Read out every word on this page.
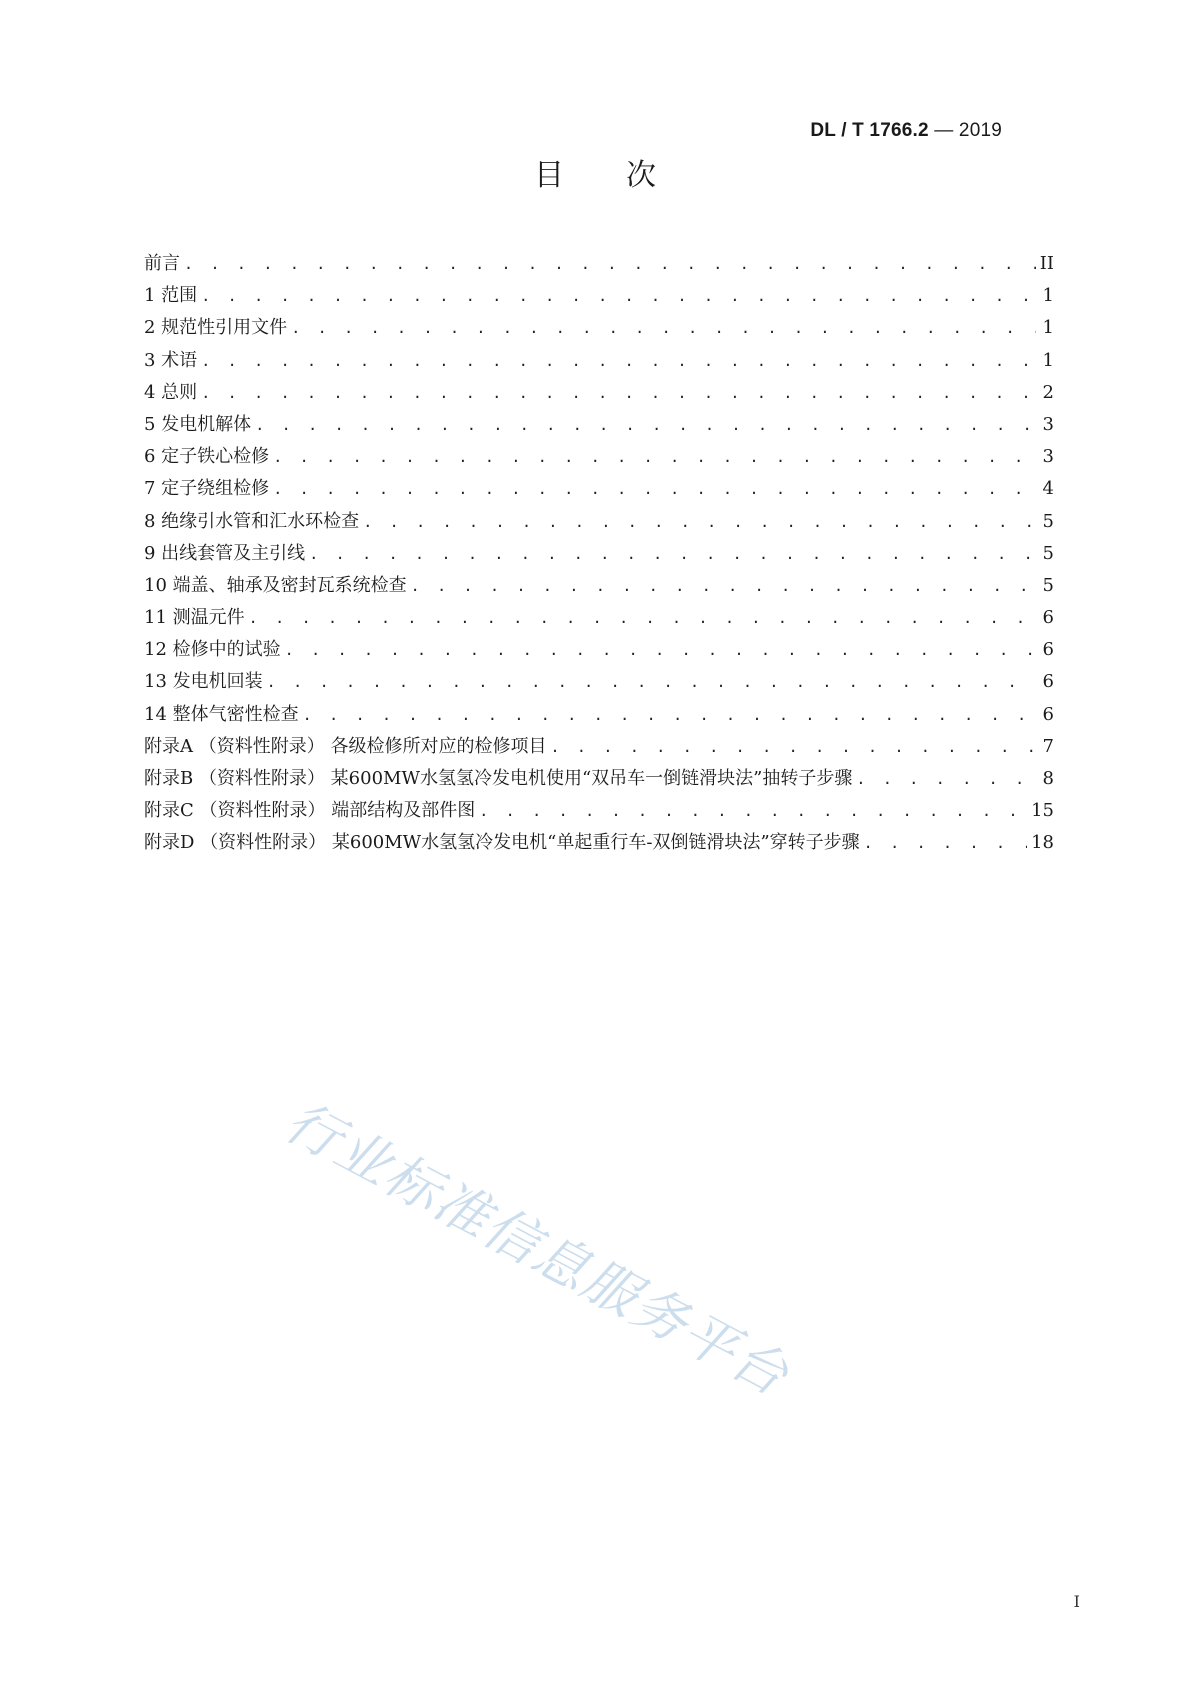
DL / T 1766.2 — 2019
目次
前言 . . .	II
1 范围 . . .	1
2 规范性引用文件 . . .	1
3 术语 . . .	1
4 总则 . . .	2
5 发电机解体 . . .	3
6 定子铁心检修 . . .	3
7 定子绕组检修 . . .	4
8 绝缘引水管和汇水环检查 . . .	5
9 出线套管及主引线 . . .	5
10 端盖、轴承及密封瓦系统检查 . . .	5
11 测温元件 . . .	6
12 检修中的试验 . . .	6
13 发电机回装 . . .	6
14 整体气密性检查 . . .	6
附录A （资料性附录） 各级检修所对应的检修项目 . . .	7
附录B （资料性附录） 某600MW水氢氢冷发电机使用“双吊车一倒链滑块法”抽转子步骤 . . .	8
附录C （资料性附录） 端部结构及部件图 . . .	15
附录D （资料性附录） 某600MW水氢氢冷发电机“单起重行车-双倒链滑块法”穿转子步骤 . . .	18
行业标准信息服务平台
I
